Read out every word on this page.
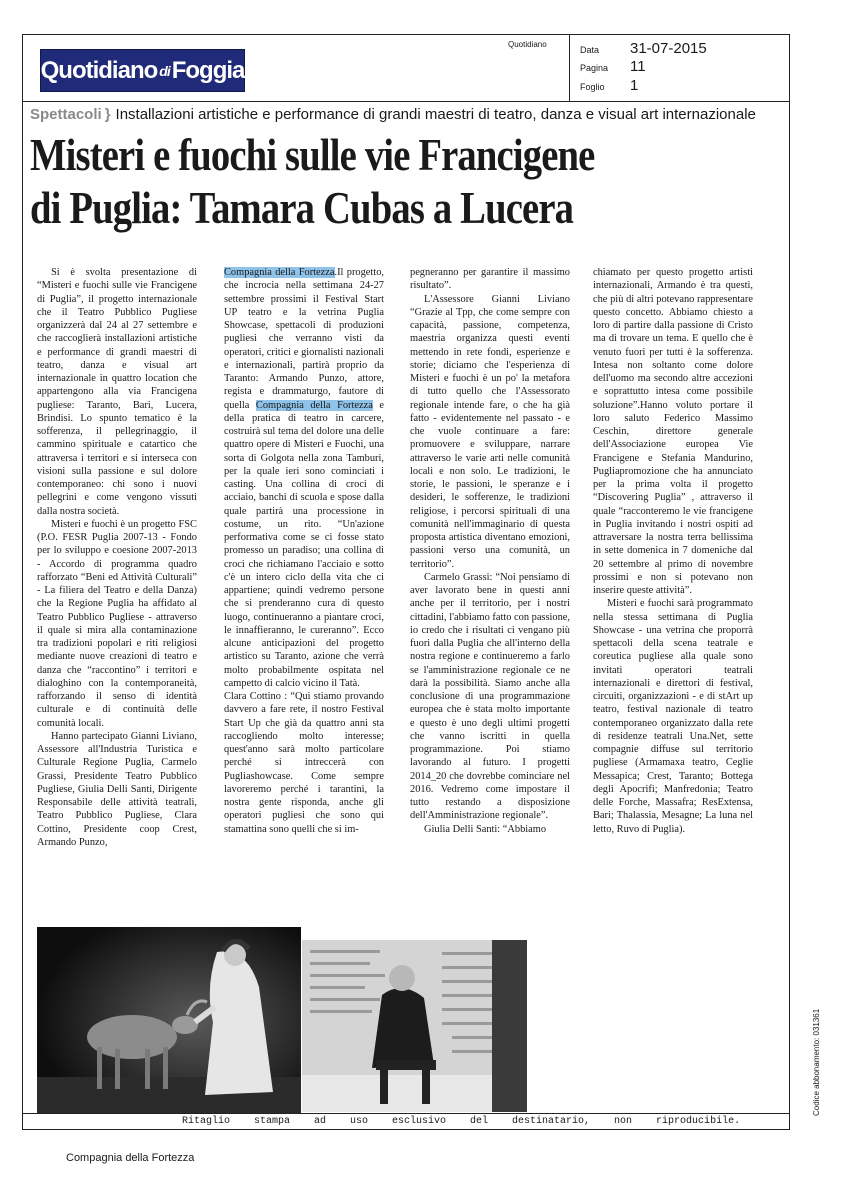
Quotidiano di Foggia
Quotidiano
Data	31-07-2015
Pagina	11
Foglio	1
Spettacoli } Installazioni artistiche e performance di grandi maestri di teatro, danza e visual art internazionale
Misteri e fuochi sulle vie Francigene
di Puglia: Tamara Cubas a Lucera

Si è svolta presentazione di “Misteri e fuochi sulle vie Francigene di Puglia”, il progetto internazionale che il Teatro Pubblico Pugliese organizzerà dal 24 al 27 settembre e che raccoglierà installazioni artistiche e performance di grandi maestri di teatro, danza e visual art internazionale in quattro location che appartengono alla via Francigena pugliese: Taranto, Bari, Lucera, Brindisi. Lo spunto tematico è la sofferenza, il pellegrinaggio, il cammino spirituale e catartico che attraversa i territori e si interseca con visioni sulla passione e sul dolore contemporaneo: chi sono i nuovi pellegrini e come vengono vissuti dalla nostra società.

Misteri e fuochi è un progetto FSC (P.O. FESR Puglia 2007-13 - Fondo per lo sviluppo e coesione 2007-2013 - Accordo di programma quadro rafforzato “Beni ed Attività Culturali” - La filiera del Teatro e della Danza) che la Regione Puglia ha affidato al Teatro Pubblico Pugliese - attraverso il quale si mira alla contaminazione tra tradizioni popolari e riti religiosi mediante nuove creazioni di teatro e danza che “raccontino” i territori e dialoghino con la contemporaneità, rafforzando il senso di identità culturale e di continuità delle comunità locali.

Hanno partecipato Gianni Liviano, Assessore all'Industria Turistica e Culturale Regione Puglia, Carmelo Grassi, Presidente Teatro Pubblico Pugliese, Giulia Delli Santi, Dirigente Responsabile delle attività teatrali, Teatro Pubblico Pugliese, Clara Cottino, Presidente coop Crest, Armando Punzo,

Compagnia della Fortezza.Il progetto, che incrocia nella settimana 24-27 settembre prossimi il Festival Start UP teatro e la vetrina Puglia Showcase, spettacoli di produzioni pugliesi che verranno visti da operatori, critici e giornalisti nazionali e internazionali, partirà proprio da Taranto: Armando Punzo, attore, regista e drammaturgo, fautore di quella Compagnia della Fortezza e della pratica di teatro in carcere, costruirà sul tema del dolore una delle quattro opere di Misteri e Fuochi, una sorta di Golgota nella zona Tamburi, per la quale ieri sono cominciati i casting. Una collina di croci di acciaio, banchi di scuola e spose dalla quale partirà una processione in costume, un rito. “Un'azione performativa come se ci fosse stato promesso un paradiso; una collina di croci che richiamano l'acciaio e sotto c'è un intero ciclo della vita che ci appartiene; quindi vedremo persone che si prenderanno cura di questo luogo, continueranno a piantare croci, le innaffieranno, le cureranno”. Ecco alcune anticipazioni del progetto artistico su Taranto, azione che verrà molto probabilmente ospitata nel campetto di calcio vicino il Tatà.

Clara Cottino : “Qui stiamo provando davvero a fare rete, il nostro Festival Start Up che già da quattro anni sta raccogliendo molto interesse; quest'anno sarà molto particolare perché si intreccerà con Pugliashowcase. Come sempre lavoreremo perché i tarantini, la nostra gente risponda, anche gli operatori pugliesi che sono qui stamattina sono quelli che si im-

pegneranno per garantire il massimo risultato”.

L'Assessore Gianni Liviano “Grazie al Tpp, che come sempre con capacità, passione, competenza, maestria organizza questi eventi mettendo in rete fondi, esperienze e storie; diciamo che l'esperienza di Misteri e fuochi è un po' la metafora di tutto quello che l'Assessorato regionale intende fare, o che ha già fatto - evidentemente nel passato - e che vuole continuare a fare: promuovere e sviluppare, narrare attraverso le varie arti nelle comunità locali e non solo. Le tradizioni, le storie, le passioni, le speranze e i desideri, le sofferenze, le tradizioni religiose, i percorsi spirituali di una comunità nell'immaginario di questa proposta artistica diventano emozioni, passioni verso una comunità, un territorio”.

Carmelo Grassi: “Noi pensiamo di aver lavorato bene in questi anni anche per il territorio, per i nostri cittadini, l'abbiamo fatto con passione, io credo che i risultati ci vengano più fuori dalla Puglia che all'interno della nostra regione e continueremo a farlo se l'amministrazione regionale ce ne darà la possibilità. Siamo anche alla conclusione di una programmazione europea che è stata molto importante e questo è uno degli ultimi progetti che vanno iscritti in quella programmazione. Poi stiamo lavorando al futuro. I progetti 2014_20 che dovrebbe cominciare nel 2016. Vedremo come impostare il tutto restando a disposizione dell'Amministrazione regionale”.

Giulia Delli Santi: “Abbiamo

chiamato per questo progetto artisti internazionali, Armando è tra questi, che più di altri potevano rappresentare questo concetto. Abbiamo chiesto a loro di partire dalla passione di Cristo ma di trovare un tema. E quello che è venuto fuori per tutti è la sofferenza. Intesa non soltanto come dolore dell'uomo ma secondo altre accezioni e soprattutto intesa come possibile soluzione”.Hanno voluto portare il loro saluto Federico Massimo Ceschin, direttore generale dell'Associazione europea Vie Francigene e Stefania Mandurino, Pugliapromozione che ha annunciato per la prima volta il progetto “Discovering Puglia” , attraverso il quale “racconteremo le vie francigene in Puglia invitando i nostri ospiti ad attraversare la nostra terra bellissima in sette domenica in 7 domeniche dal 20 settembre al primo di novembre prossimi e non si potevano non inserire queste attività”.

Misteri e fuochi sarà programmato nella stessa settimana di Puglia Showcase - una vetrina che proporrà spettacoli della scena teatrale e coreutica pugliese alla quale sono invitati operatori teatrali internazionali e direttori di festival, circuiti, organizzazioni - e di stArt up teatro, festival nazionale di teatro contemporaneo organizzato dalla rete di residenze teatrali Una.Net, sette compagnie diffuse sul territorio pugliese (Armamaxa teatro, Ceglie Messapica; Crest, Taranto; Bottega degli Apocrifi; Manfredonia; Teatro delle Forche, Massafra; ResExtensa, Bari; Thalassia, Mesagne; La luna nel letto, Ruvo di Puglia).

Ritaglio stampa ad uso esclusivo del destinatario, non riproducibile.
Codice abbonamento: 031361
Compagnia della Fortezza
